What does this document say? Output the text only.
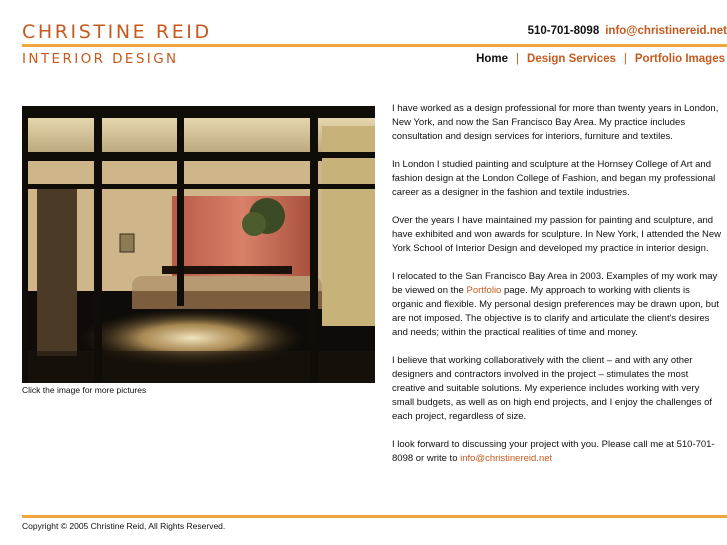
CHRISTINE REID	510-701-8098 info@christinereid.net
INTERIOR DESIGN	Home | Design Services | Portfolio Images
Click the image for more pictures

I have worked as a design professional for more than twenty years in London, New York, and now the San Francisco Bay Area. My practice includes consultation and design services for interiors, furniture and textiles.

In London I studied painting and sculpture at the Hornsey College of Art and fashion design at the London College of Fashion, and began my professional career as a designer in the fashion and textile industries.

Over the years I have maintained my passion for painting and sculpture, and have exhibited and won awards for sculpture. In New York, I attended the New York School of Interior Design and developed my practice in interior design.

I relocated to the San Francisco Bay Area in 2003. Examples of my work may be viewed on the Portfolio page. My approach to working with clients is organic and flexible. My personal design preferences may be drawn upon, but are not imposed. The objective is to clarify and articulate the client's desires and needs; within the practical realities of time and money.

I believe that working collaboratively with the client – and with any other designers and contractors involved in the project – stimulates the most creative and suitable solutions. My experience includes working with very small budgets, as well as on high end projects, and I enjoy the challenges of each project, regardless of size.

I look forward to discussing your project with you. Please call me at 510-701-8098 or write to info@christinereid.net

Copyright © 2005 Christine Reid, All Rights Reserved.
